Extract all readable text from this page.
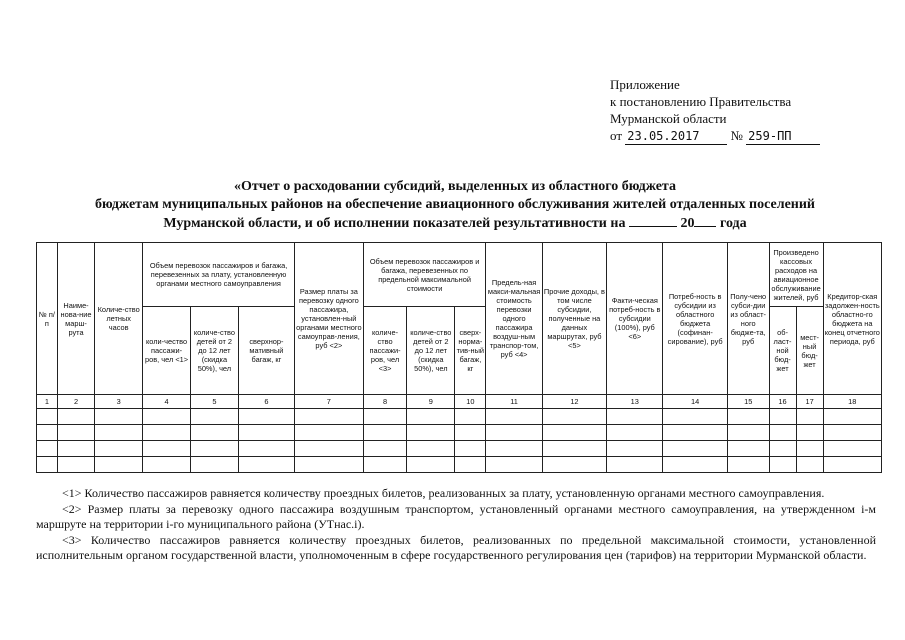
Приложение
к постановлению Правительства
Мурманской области
от 23.05.2017 № 259-ПП
«Отчет о расходовании субсидий, выделенных из областного бюджета
бюджетам муниципальных районов на обеспечение авиационного обслуживания жителей отдаленных поселений
Мурманской области, и об исполнении показателей результативности на	20 года
№ п/п	Наиме-нова-ние марш-рута	Количе-ство летных часов	Объем перевозок пассажиров и багажа, перевезенных за плату, установленную органами местного самоуправления			Размер платы за перевозку одного пассажира, установлен-ный органами местного самоуправ-ления, руб <2>	Объем перевозок пассажиров и багажа, перевезенных по предельной максимальной стоимости			Предель-ная макси-мальная стоимость перевозки одного пассажира воздуш-ным транспор-том, руб <4>	Прочие доходы, в том числе субсидии, полученные на данных маршрутах, руб <5>	Факти-ческая потреб-ность в субсидии (100%), руб <6>	Потреб-ность в субсидии из областного бюджета (софинан-сирование), руб	Полу-чено субси-дии из област-ного бюдже-та, руб	Произведено кассовых расходов на авиационное обслуживание жителей, руб		Кредитор-ская задолжен-ность областно-го бюджета на конец отчетного периода, руб
			коли-чество пассажи-ров, чел <1>	количе-ство детей от 2 до 12 лет (скидка 50%), чел	сверхнор-мативный багаж, кг		количе-ство пассажи-ров, чел <3>	количе-ство детей от 2 до 12 лет (скидка 50%), чел	сверх-норма-тив-ный багаж, кг						об-ласт-ной бюд-жет	мест-ный бюд-жет	
1	2	3	4	5	6	7	8	9	10	11	12	13	14	15	16	17	18

<1> Количество пассажиров равняется количеству проездных билетов, реализованных за плату, установленную органами местного самоуправления.

<2> Размер платы за перевозку одного пассажира воздушным транспортом, установленный органами местного самоуправления, на утвержденном i-м маршруте на территории i-го муниципального района (УТнас.i).

<3> Количество пассажиров равняется количеству проездных билетов, реализованных по предельной максимальной стоимости, установленной исполнительным органом государственной власти, уполномоченным в сфере государственного регулирования цен (тарифов) на территории Мурманской области.
